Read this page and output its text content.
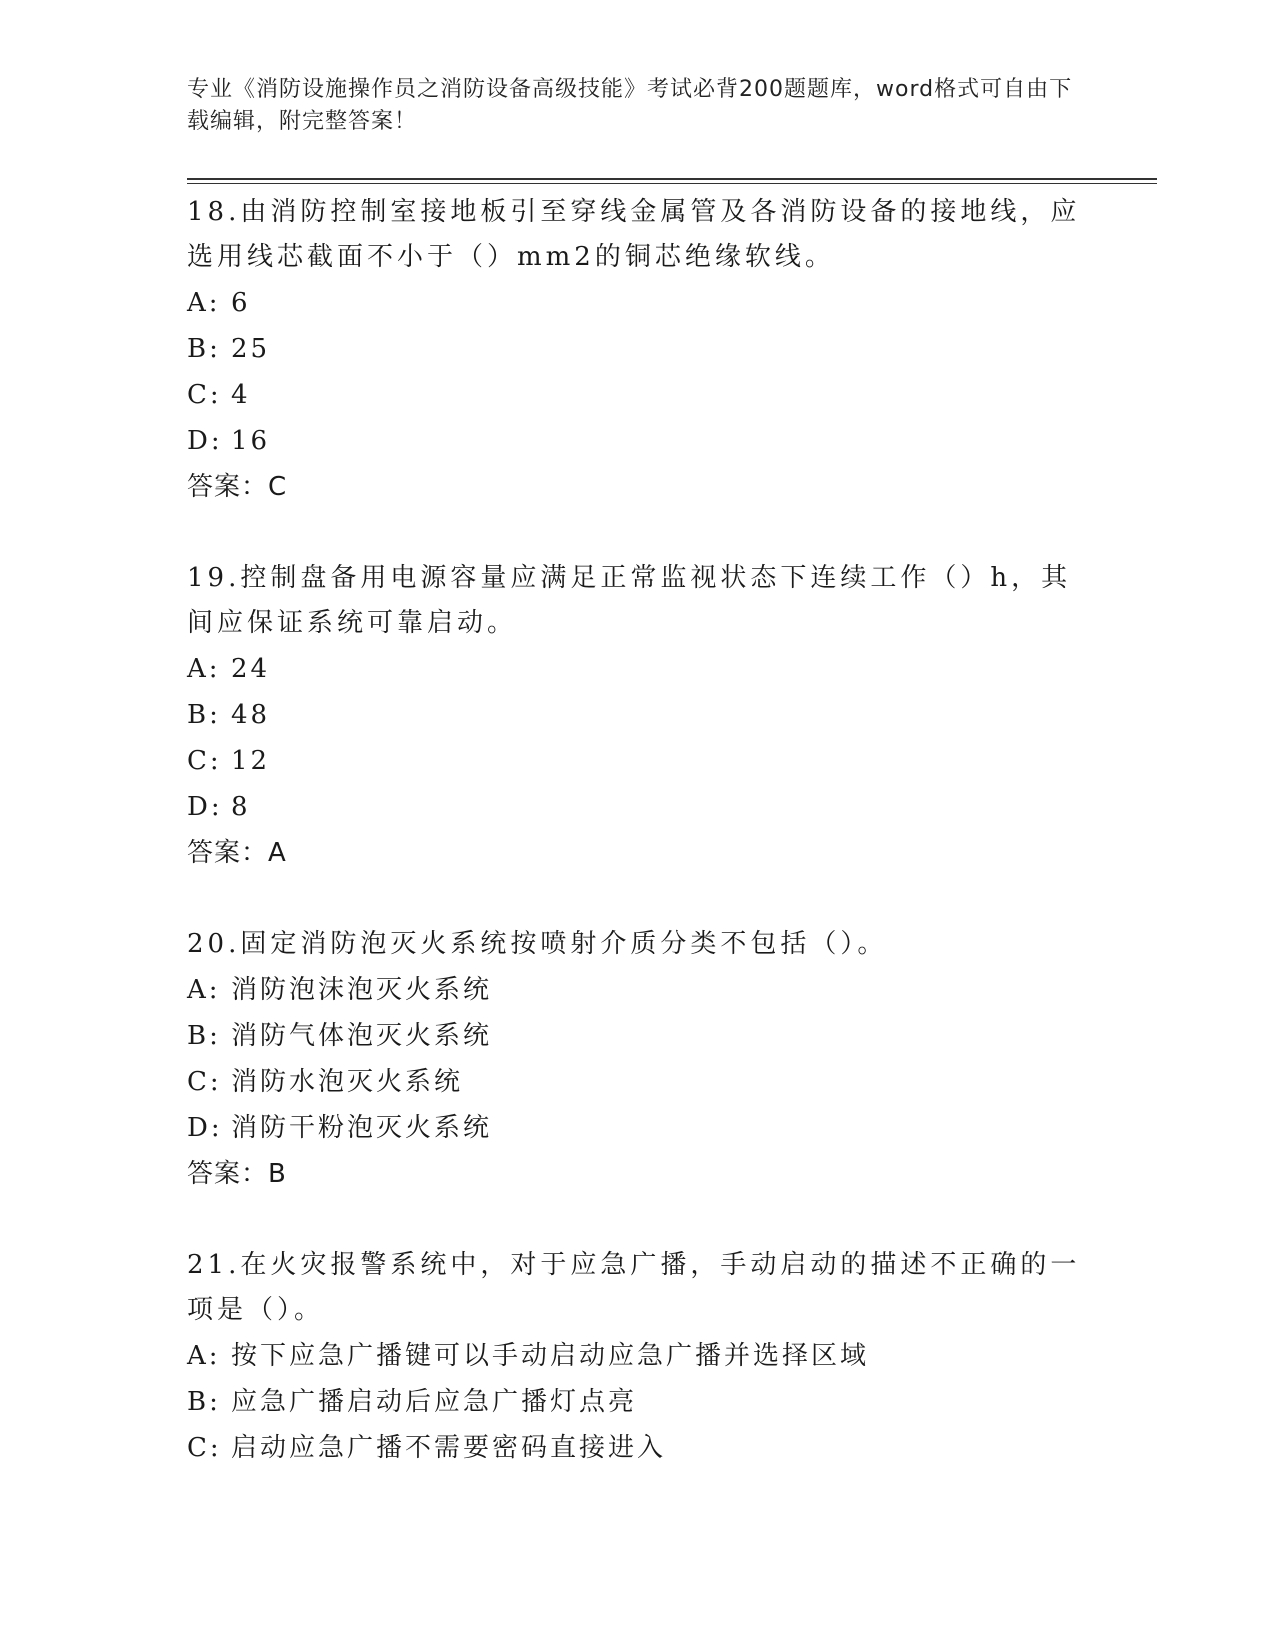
专业《消防设施操作员之消防设备高级技能》考试必背200题题库，word格式可自由下载编辑，附完整答案！

18.由消防控制室接地板引至穿线金属管及各消防设备的接地线，应选用线芯截面不小于（）mm2的铜芯绝缘软线。

A: 6

B: 25

C: 4

D: 16

答案：C

19.控制盘备用电源容量应满足正常监视状态下连续工作（）h，其间应保证系统可靠启动。

A: 24

B: 48

C: 12

D: 8

答案：A

20.固定消防泡灭火系统按喷射介质分类不包括（）。

A: 消防泡沫泡灭火系统

B: 消防气体泡灭火系统

C: 消防水泡灭火系统

D: 消防干粉泡灭火系统

答案：B

21.在火灾报警系统中，对于应急广播，手动启动的描述不正确的一项是（）。

A: 按下应急广播键可以手动启动应急广播并选择区域

B: 应急广播启动后应急广播灯点亮

C: 启动应急广播不需要密码直接进入
